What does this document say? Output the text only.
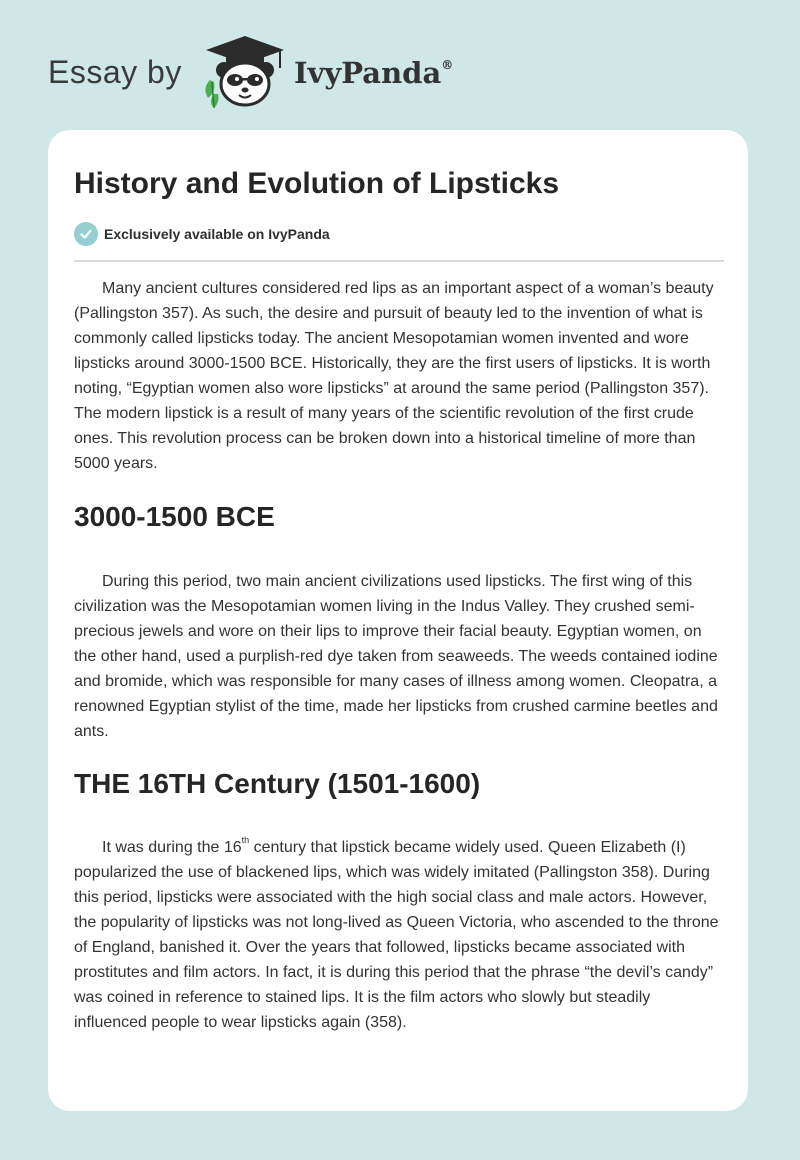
Essay by	IvyPanda®
History and Evolution of Lipsticks
Exclusively available on IvyPanda

Many ancient cultures considered red lips as an important aspect of a woman’s beauty (Pallingston 357). As such, the desire and pursuit of beauty led to the invention of what is commonly called lipsticks today. The ancient Mesopotamian women invented and wore lipsticks around 3000-1500 BCE. Historically, they are the first users of lipsticks. It is worth noting, “Egyptian women also wore lipsticks” at around the same period (Pallingston 357). The modern lipstick is a result of many years of the scientific revolution of the first crude ones. This revolution process can be broken down into a historical timeline of more than 5000 years.

3000-1500 BCE

During this period, two main ancient civilizations used lipsticks. The first wing of this civilization was the Mesopotamian women living in the Indus Valley. They crushed semi-precious jewels and wore on their lips to improve their facial beauty. Egyptian women, on the other hand, used a purplish-red dye taken from seaweeds. The weeds contained iodine and bromide, which was responsible for many cases of illness among women. Cleopatra, a renowned Egyptian stylist of the time, made her lipsticks from crushed carmine beetles and ants.

THE 16TH Century (1501-1600)

It was during the 16th century that lipstick became widely used. Queen Elizabeth (I) popularized the use of blackened lips, which was widely imitated (Pallingston 358). During this period, lipsticks were associated with the high social class and male actors. However, the popularity of lipsticks was not long-lived as Queen Victoria, who ascended to the throne of England, banished it. Over the years that followed, lipsticks became associated with prostitutes and film actors. In fact, it is during this period that the phrase “the devil’s candy” was coined in reference to stained lips. It is the film actors who slowly but steadily influenced people to wear lipsticks again (358).
